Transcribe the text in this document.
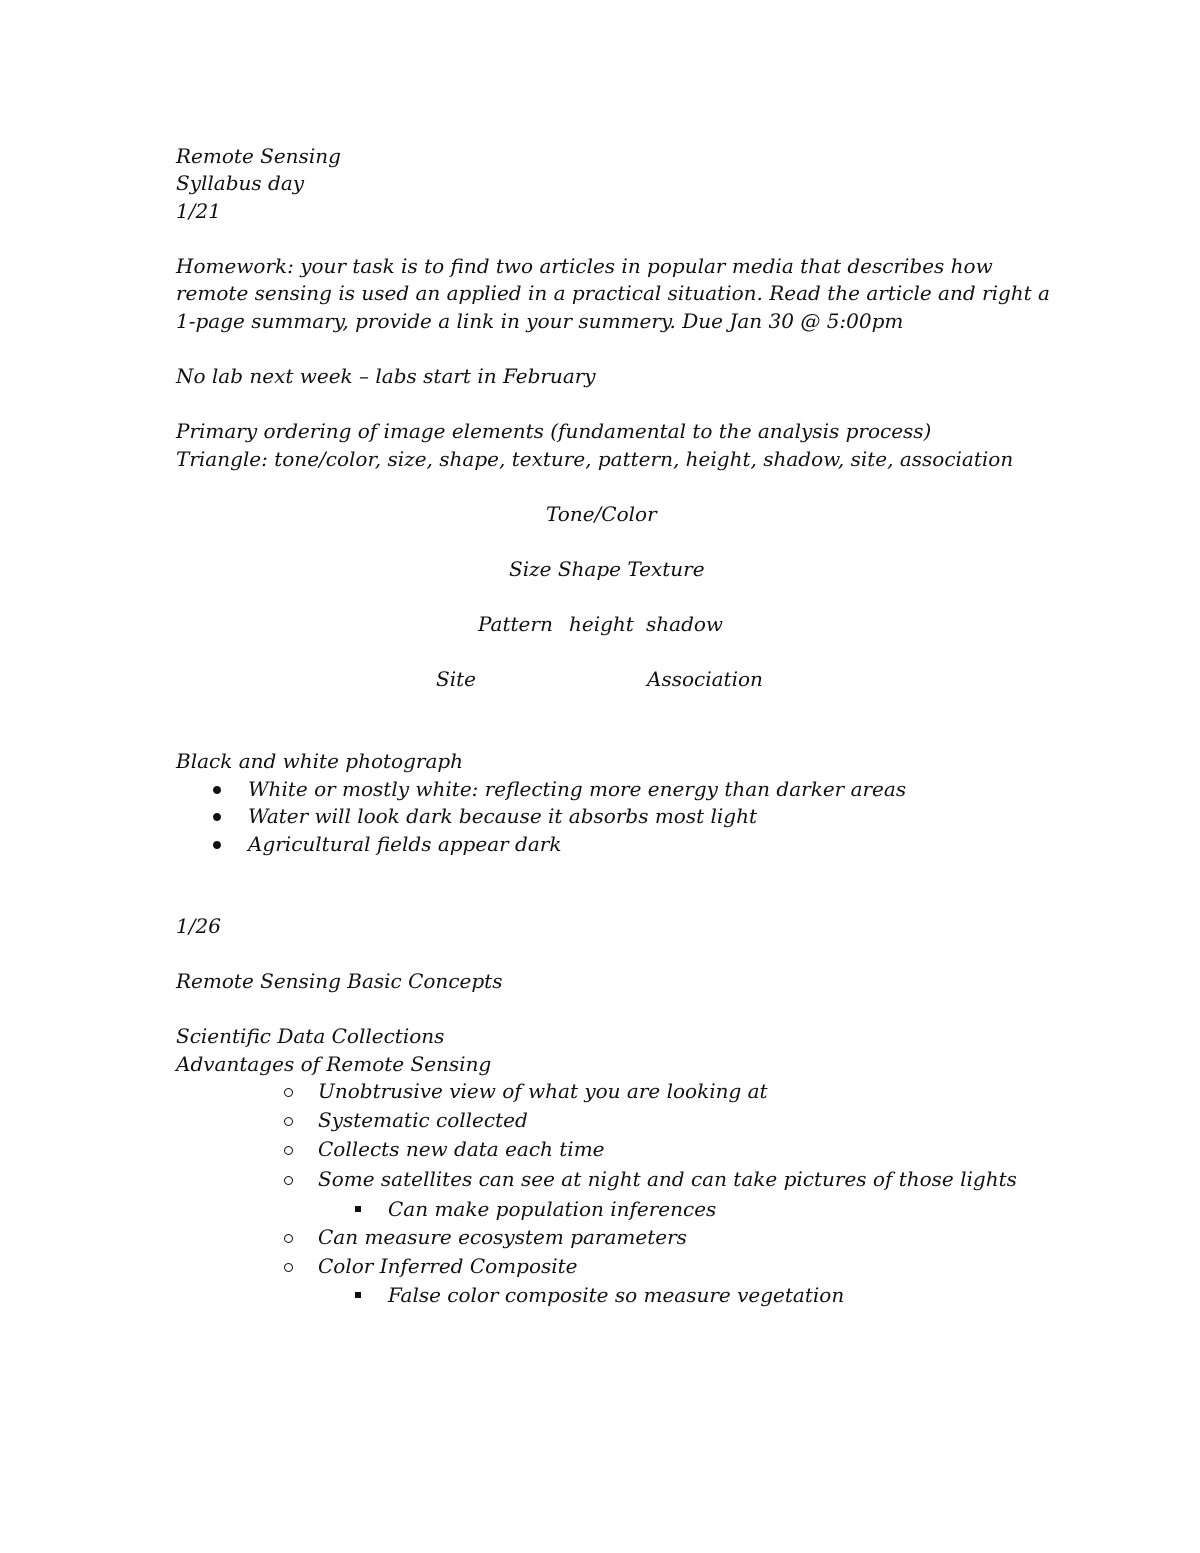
Remote Sensing
Syllabus day
1/21
Homework: your task is to find two articles in popular media that describes how
remote sensing is used an applied in a practical situation. Read the article and right a
1-page summary, provide a link in your summery. Due Jan 30 @ 5:00pm
No lab next week – labs start in February
Primary ordering of image elements (fundamental to the analysis process)
Triangle: tone/color, size, shape, texture, pattern, height, shadow, site, association
Tone/Color
Size Shape Texture
Pattern height shadow
Site	Association
Black and white photograph
White or mostly white: reflecting more energy than darker areas
Water will look dark because it absorbs most light
Agricultural fields appear dark
1/26
Remote Sensing Basic Concepts
Scientific Data Collections
Advantages of Remote Sensing
Unobtrusive view of what you are looking at
Systematic collected
Collects new data each time
Some satellites can see at night and can take pictures of those lights
Can make population inferences
Can measure ecosystem parameters
Color Inferred Composite
False color composite so measure vegetation
